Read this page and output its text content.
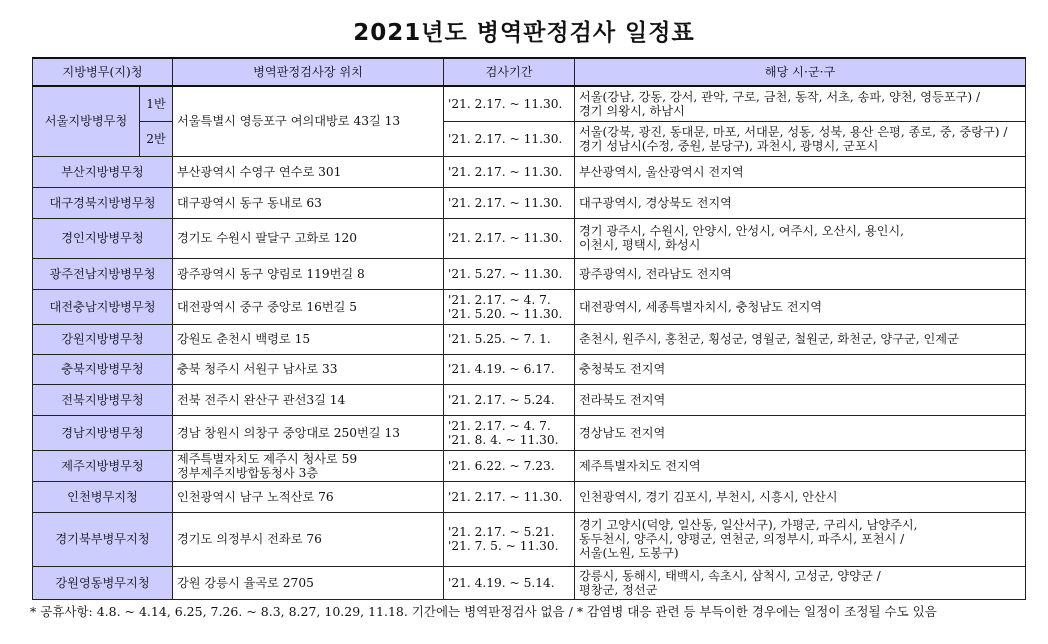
2021년도 병역판정검사 일정표
지방병무(지)청		병역판정검사장 위치	검사기간	해당 시·군·구
서울지방병무청	1반	서울특별시 영등포구 여의대방로 43길 13	'21. 2.17. ~ 11.30.	서울(강남, 강동, 강서, 관악, 구로, 금천, 동작, 서초, 송파, 양천, 영등포구) /
경기 의왕시, 하남시

	2반		'21. 2.17. ~ 11.30.	서울(강북, 광진, 동대문, 마포, 서대문, 성동, 성북, 용산 은평, 종로, 중, 중랑구) /
경기 성남시(수정, 중원, 분당구), 과천시, 광명시, 군포시

부산지방병무청		부산광역시 수영구 연수로 301	'21. 2.17. ~ 11.30.	부산광역시, 울산광역시 전지역

대구경북지방병무청		대구광역시 동구 동내로 63	'21. 2.17. ~ 11.30.	대구광역시, 경상북도 전지역

경인지방병무청		경기도 수원시 팔달구 고화로 120	'21. 2.17. ~ 11.30.	경기 광주시, 수원시, 안양시, 안성시, 여주시, 오산시, 용인시,
이천시, 평택시, 화성시

광주전남지방병무청		광주광역시 동구 양림로 119번길 8	'21. 5.27. ~ 11.30.	광주광역시, 전라남도 전지역

대전충남지방병무청		대전광역시 중구 중앙로 16번길 5	'21. 2.17. ~ 4. 7.
'21. 5.20. ~ 11.30.	대전광역시, 세종특별자치시, 충청남도 전지역

강원지방병무청		강원도 춘천시 백령로 15	'21. 5.25. ~ 7. 1.	춘천시, 원주시, 홍천군, 횡성군, 영월군, 철원군, 화천군, 양구군, 인제군

충북지방병무청		충북 청주시 서원구 남사로 33	'21. 4.19. ~ 6.17.	충청북도 전지역

전북지방병무청		전북 전주시 완산구 관선3길 14	'21. 2.17. ~ 5.24.	전라북도 전지역

경남지방병무청		경남 창원시 의창구 중앙대로 250번길 13	'21. 2.17. ~ 4. 7.
'21. 8. 4. ~ 11.30.	경상남도 전지역

제주지방병무청		제주특별자치도 제주시 청사로 59
정부제주지방합동청사 3층	'21. 6.22. ~ 7.23.	제주특별자치도 전지역

인천병무지청		인천광역시 남구 노적산로 76	'21. 2.17. ~ 11.30.	인천광역시, 경기 김포시, 부천시, 시흥시, 안산시

경기북부병무지청		경기도 의정부시 전좌로 76	'21. 2.17. ~ 5.21.
'21. 7. 5. ~ 11.30.	경기 고양시(덕양, 일산동, 일산서구), 가평군, 구리시, 남양주시,
동두천시, 양주시, 양평군, 연천군, 의정부시, 파주시, 포천시 /
서울(노원, 도봉구)

강원영동병무지청		강원 강릉시 율곡로 2705	'21. 4.19. ~ 5.14.	강릉시, 동해시, 태백시, 속초시, 삼척시, 고성군, 양양군 /
평창군, 정선군
* 공휴사항: 4.8. ~ 4.14, 6.25, 7.26. ~ 8.3, 8.27, 10.29, 11.18. 기간에는 병역판정검사 없음 / * 감염병 대응 관련 등 부득이한 경우에는 일정이 조정될 수도 있음
